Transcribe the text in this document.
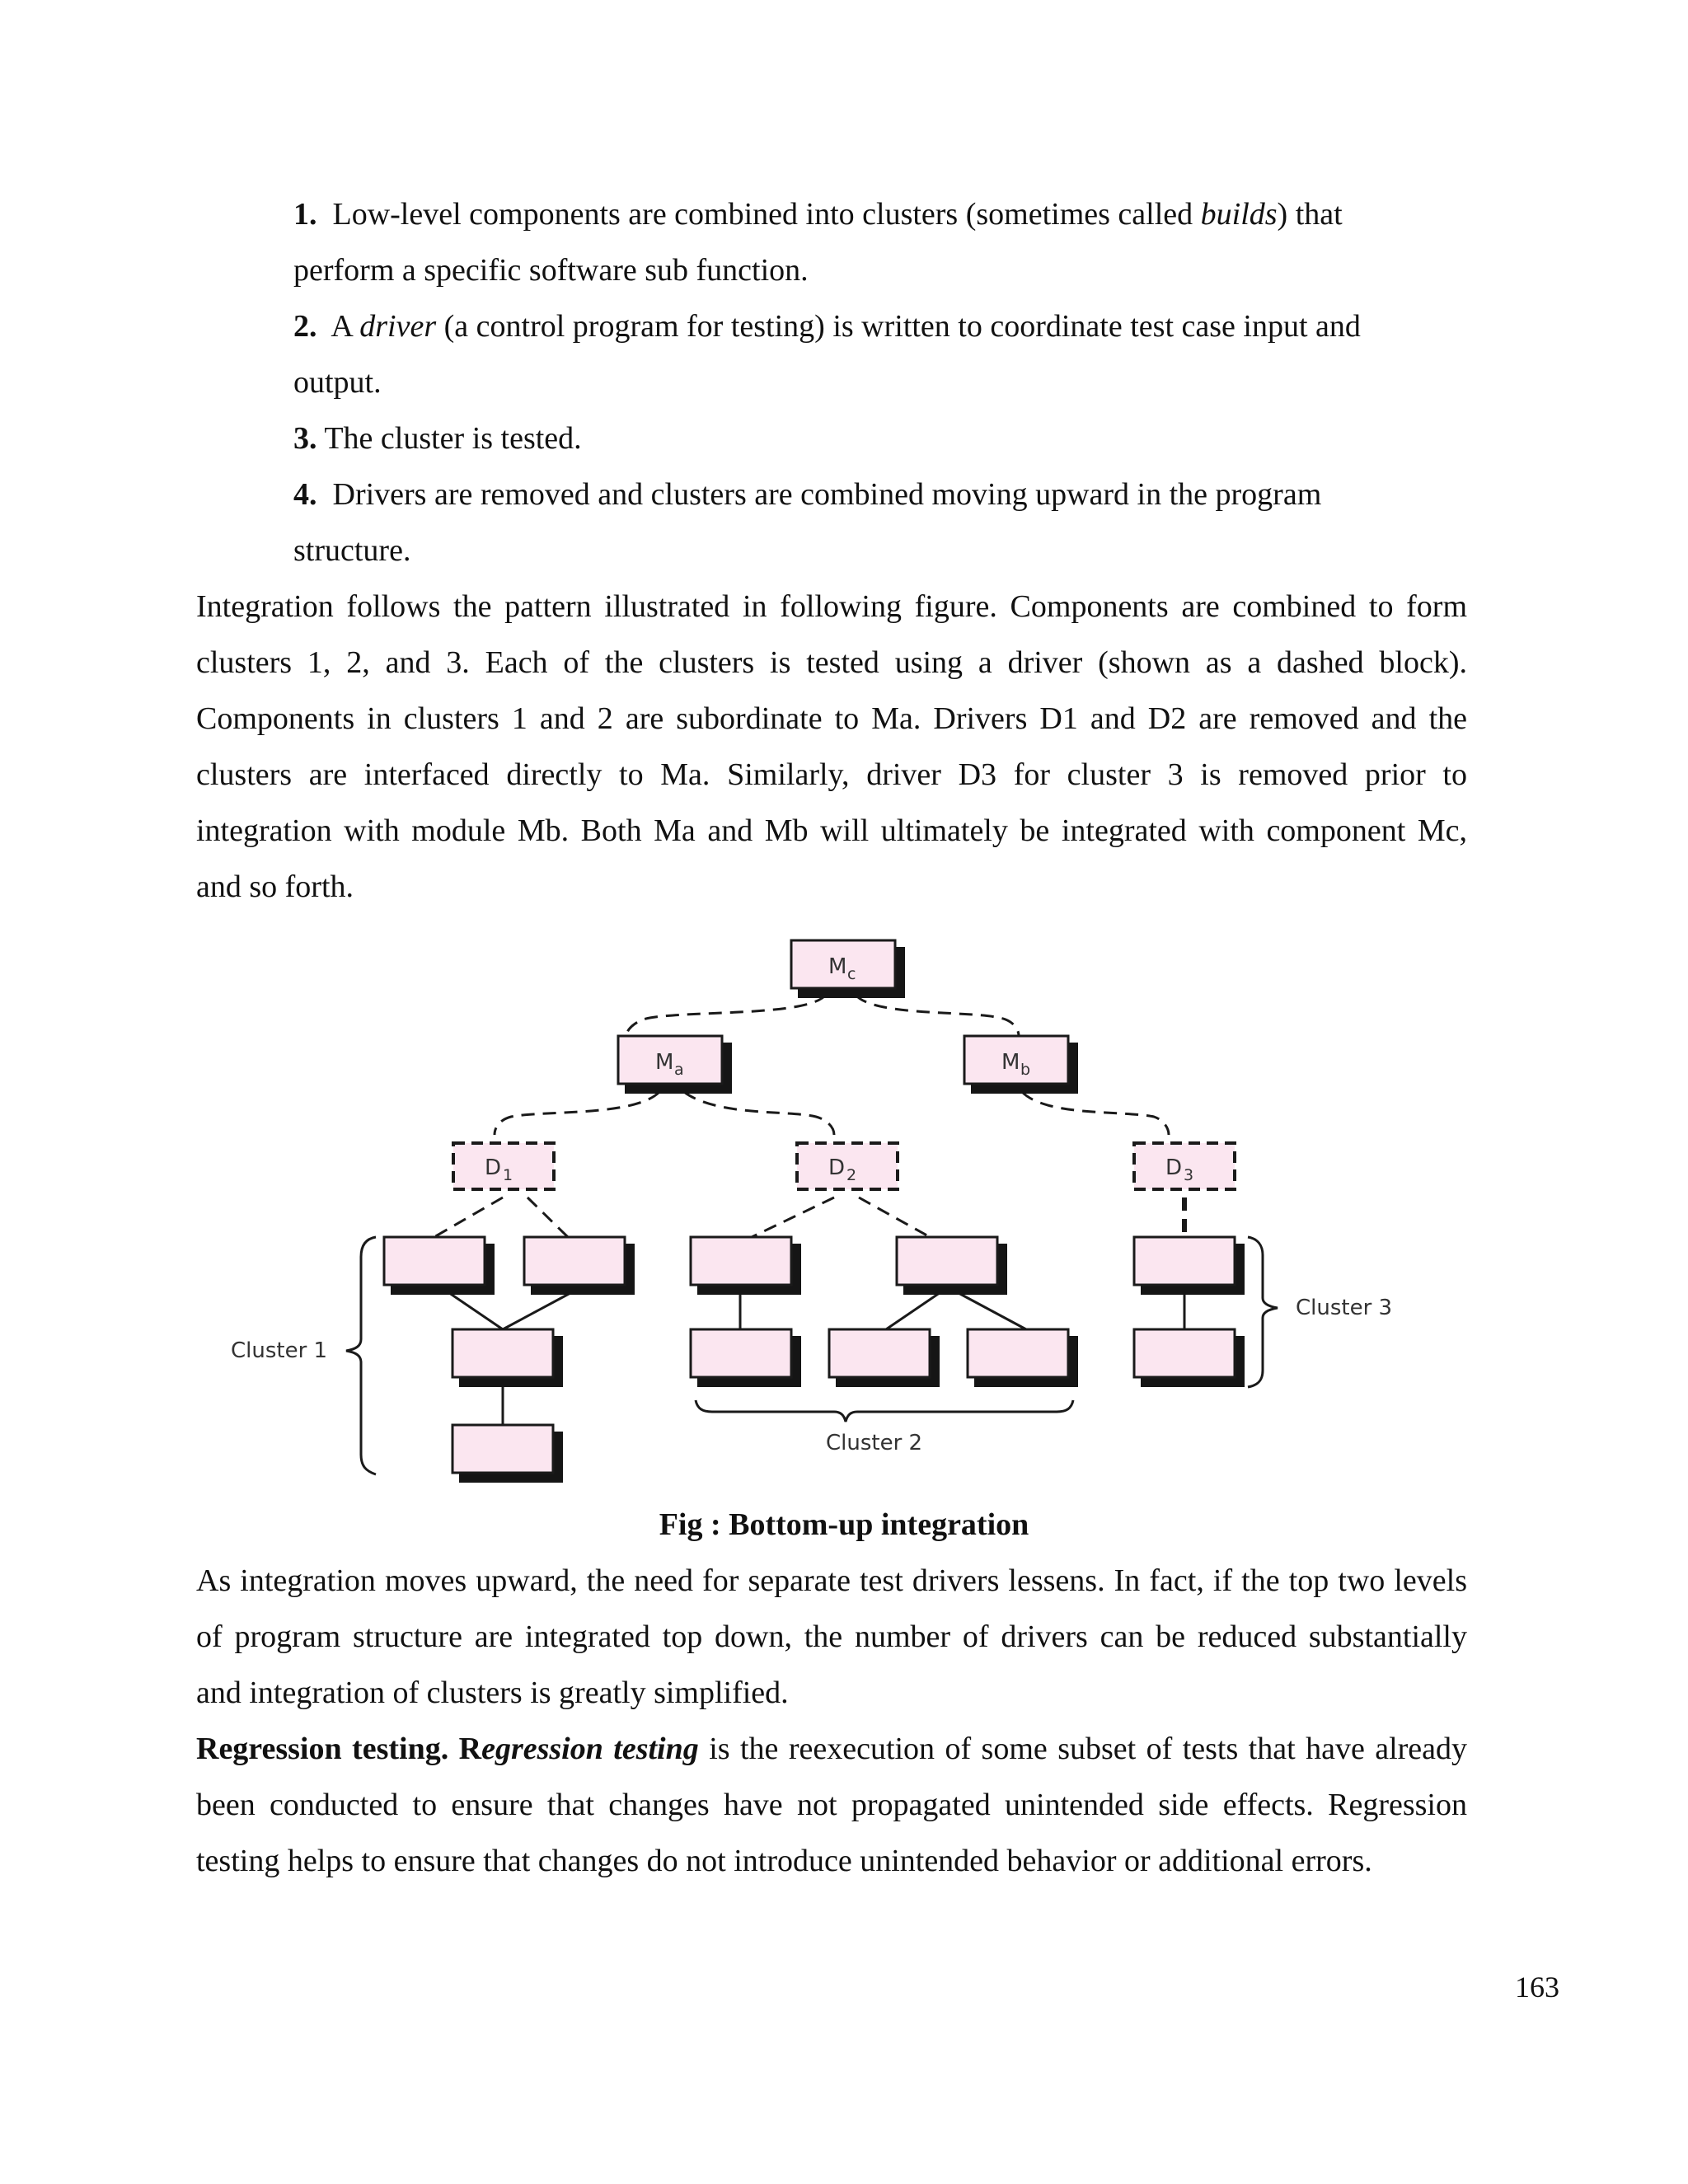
1. Low-level components are combined into clusters (sometimes called builds) that
perform a specific software sub function.
2. A driver (a control program for testing) is written to coordinate test case input and
output.
3. The cluster is tested.
4. Drivers are removed and clusters are combined moving upward in the program
structure.
Integration follows the pattern illustrated in following figure. Components are combined to form
clusters 1, 2, and 3. Each of the clusters is tested using a driver (shown as a dashed block).
Components in clusters 1 and 2 are subordinate to Ma. Drivers D1 and D2 are removed and the
clusters are interfaced directly to Ma. Similarly, driver D3 for cluster 3 is removed prior to
integration with module Mb. Both Ma and Mb will ultimately be integrated with component Mc,
and so forth.
M c
M a	M b
D 1	D 2	D 3
Cluster 1
Cluster 2
Cluster 3
Fig : Bottom-up integration
As integration moves upward, the need for separate test drivers lessens. In fact, if the top two levels
of program structure are integrated top down, the number of drivers can be reduced substantially
and integration of clusters is greatly simplified.
Regression testing. Regression testing is the reexecution of some subset of tests that have already
been conducted to ensure that changes have not propagated unintended side effects. Regression
testing helps to ensure that changes do not introduce unintended behavior or additional errors.
163
